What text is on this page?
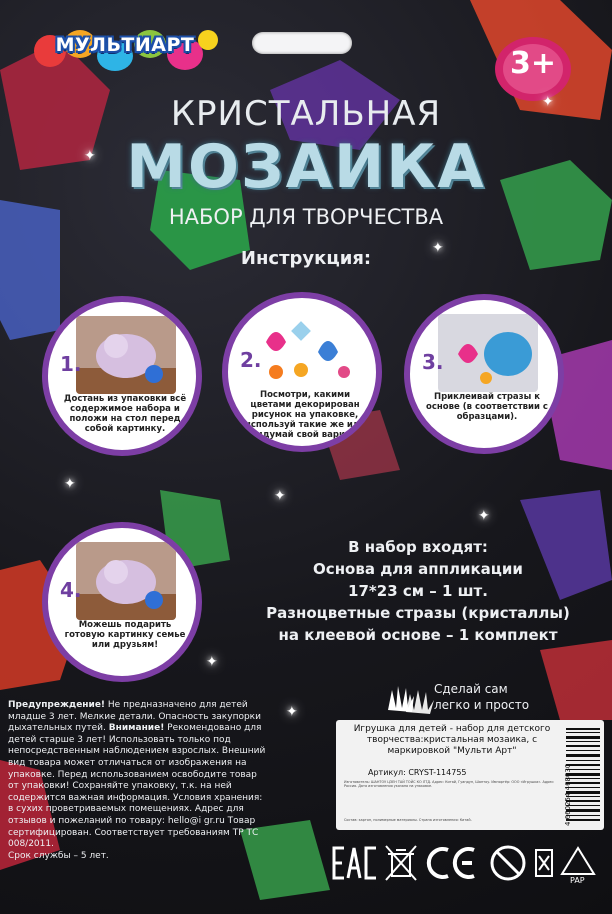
МУЛЬТИАРТ
3+
КРИСТАЛЬНАЯ
МОЗАИКА
НАБОР ДЛЯ ТВОРЧЕСТВА
Инструкция:
1.
Достань из упаковки всё содержимое набора и положи на стол перед собой картинку.
2.
Посмотри, какими цветами декорирован рисунок на упаковке, используй такие же или придумай свой вариант!
3.
Приклеивай стразы к основе (в соответствии с образцами).
4.
Можешь подарить готовую картинку семье или друзьям!
В набор входят:
Основа для аппликации
17*23 см – 1 шт.
Разноцветные стразы (кристаллы)
на клеевой основе – 1 комплект
Сделай сам
легко и просто
Предупреждение! Не предназначено для детей младше 3 лет. Мелкие детали. Опасность закупорки дыхательных путей. Внимание! Рекомендовано для детей старше 3 лет! Использовать только под непосредственным наблюдением взрослых. Внешний вид товара может отличаться от изображения на упаковке. Перед использованием освободите товар от упаковки! Сохраняйте упаковку, т.к. на ней содержится важная информация. Условия хранения: в сухих проветриваемых помещениях. Адрес для отзывов и пожеланий по товару: hello@i gr.ru Товар сертифицирован. Соответствует требованиям ТР ТС 008/2011.
Срок службы – 5 лет.
Игрушка для детей - набор для детского творчества:кристальная мозаика, с маркировкой "Мульти Арт"
Артикул: CRYST-114755
Изготовитель: ШАНТОУ ЦЗЕН ТАЙ ТОЙС КО ЛТД. Адрес: Китай, Гуандун, Шантоу. Импортёр: ООО «Игрушка». Адрес: Россия. Дата изготовления указана на упаковке.
Состав: картон, полимерные материалы. Страна изготовления: Китай.	4 660254 468030
PAP
✦
✦
✦
✦
✦
✦
✦
✦
